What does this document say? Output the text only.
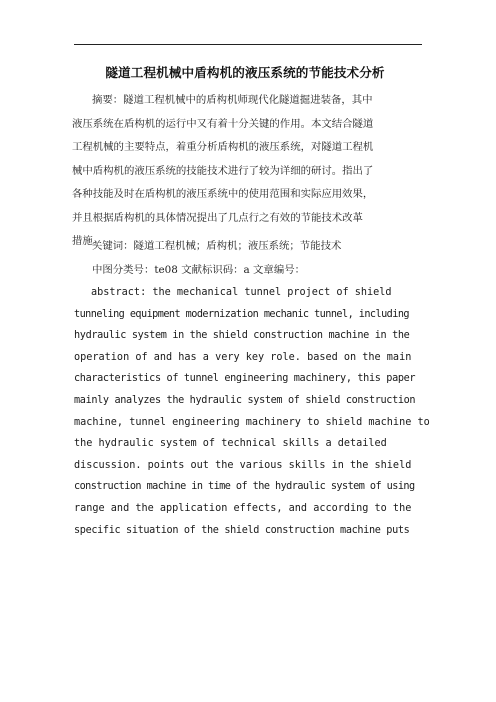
隧道工程机械中盾构机的液压系统的节能技术分析
摘要：隧道工程机械中的盾构机师现代化隧道掘进装备，其中
液压系统在盾构机的运行中又有着十分关键的作用。本文结合隧道
工程机械的主要特点，着重分析盾构机的液压系统，对隧道工程机
械中盾构机的液压系统的技能技术进行了较为详细的研讨。指出了
各种技能及时在盾构机的液压系统中的使用范围和实际应用效果，
并且根据盾构机的具体情况提出了几点行之有效的节能技术改革
措施。
关键词：隧道工程机械；盾构机；液压系统；节能技术
中图分类号：te08 文献标识码：a 文章编号：
abstract: the mechanical tunnel project of shield
tunneling equipment modernization mechanic tunnel, including
hydraulic system in the shield construction machine in the
operation of and has a very key role. based on the main
characteristics of tunnel engineering machinery, this paper
mainly analyzes the hydraulic system of shield construction
machine, tunnel engineering machinery to shield machine to
the hydraulic system of technical skills a detailed
discussion. points out the various skills in the shield
construction machine in time of the hydraulic system of using
range and the application effects, and according to the
specific situation of the shield construction machine puts
